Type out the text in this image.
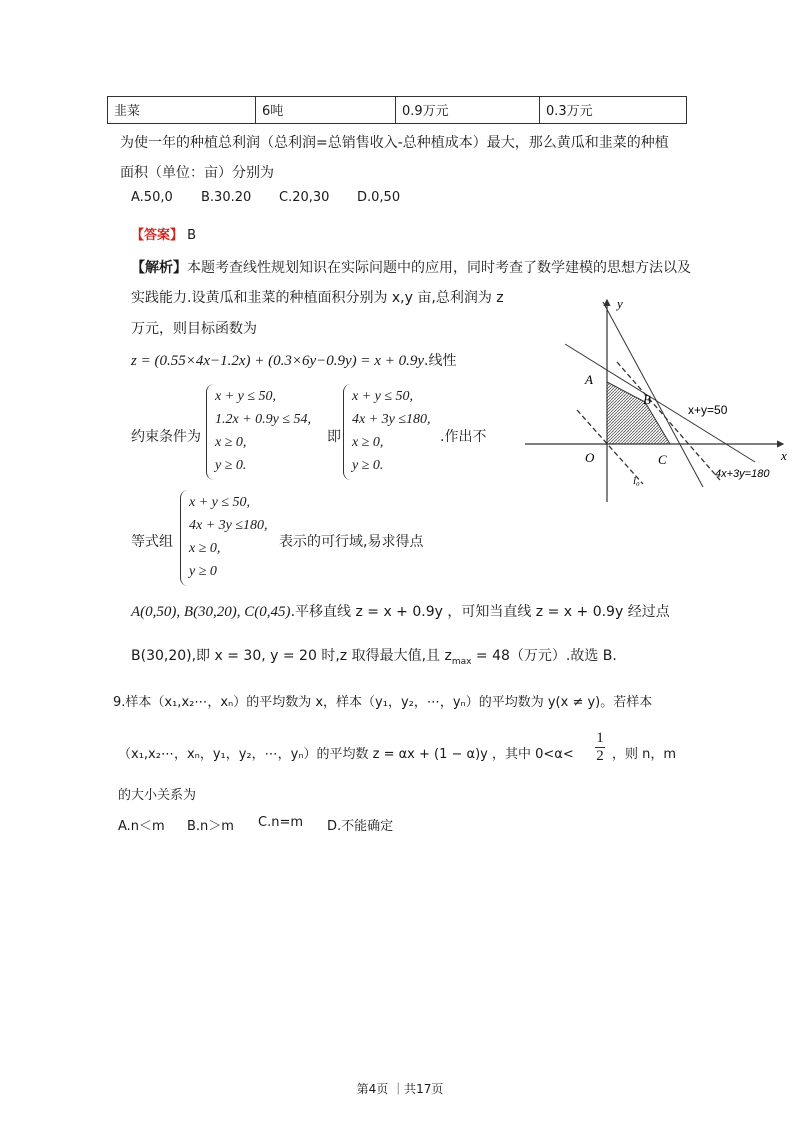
韭菜	6吨	0.9万元	0.3万元
为使一年的种植总利润（总利润=总销售收入-总种植成本）最大，那么黄瓜和韭菜的种植
面积（单位：亩）分别为
A.50,0 B.30.20 C.20,30 D.0,50
【答案】 B
【解析】本题考查线性规划知识在实际问题中的应用，同时考查了数学建模的思想方法以及
实践能力.设黄瓜和韭菜的种植面积分别为 x,y 亩,总利润为 z
万元，则目标函数为
z = (0.55×4x−1.2x) + (0.3×6y−0.9y) = x + 0.9y.线性
约束条件为
x + y ≤ 50,
1.2x + 0.9y ≤ 54,
x ≥ 0,
y ≥ 0.
即
x + y ≤ 50,
4x + 3y ≤180,
x ≥ 0,
y ≥ 0.
.作出不
等式组
x + y ≤ 50,
4x + 3y ≤180,
x ≥ 0,
y ≥ 0
表示的可行域,易求得点
A(0,50), B(30,20), C(0,45).平移直线 z = x + 0.9y ，可知当直线 z = x + 0.9y 经过点
B(30,20),即 x = 30, y = 20 时,z 取得最大值,且 $z_{max} = 48$（万元）.故选 B.
y
x
O
A
B
C
l₀
x+y=50
4x+3y=180
9.样本（x₁,x₂⋯，xₙ）的平均数为 x，样本（y₁，y₂，⋯，yₙ）的平均数为 y(x ≠ y)。若样本
（x₁,x₂⋯，xₙ，y₁，y₂，⋯，yₙ）的平均数 z = αx + (1 − α)y ，其中 0<α<
1
2 ，则 n，m
的大小关系为
A.n＜m B.n＞m C.n=m D.不能确定
第4页 ｜共17页
